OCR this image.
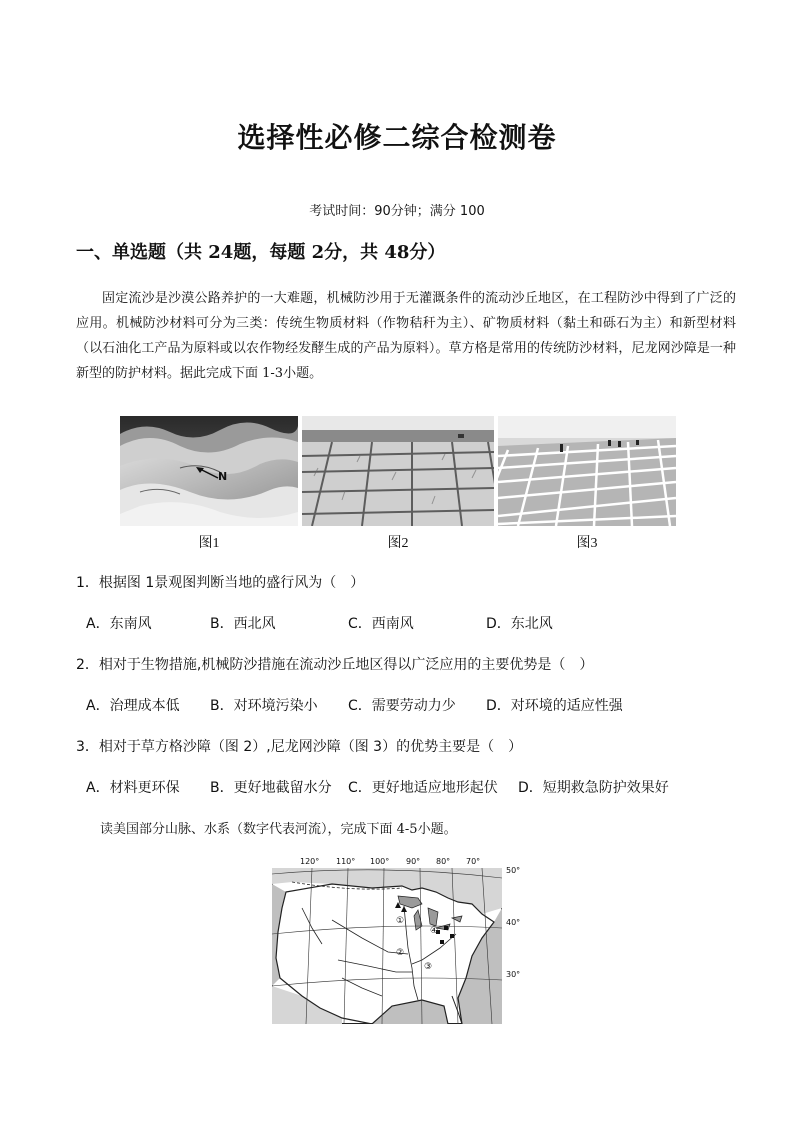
选择性必修二综合检测卷
考试时间：90分钟；满分 100
一、单选题（共 24题，每题 2分，共 48分）
固定流沙是沙漠公路养护的一大难题，机械防沙用于无灌溉条件的流动沙丘地区，在工程防沙中得到了广泛的应用。机械防沙材料可分为三类：传统生物质材料（作物秸秆为主）、矿物质材料（黏土和砾石为主）和新型材料（以石油化工产品为原料或以农作物经发酵生成的产品为原料）。草方格是常用的传统防沙材料，尼龙网沙障是一种新型的防护材料。据此完成下面 1-3小题。
N
图1	图2	图3
1．根据图 1景观图判断当地的盛行风为（　）
A．东南风	B．西北风	C．西南风	D．东北风
2．相对于生物措施,机械防沙措施在流动沙丘地区得以广泛应用的主要优势是（　）
A．治理成本低 B．对环境污染小 C．需要劳动力少 D．对环境的适应性强
3．相对于草方格沙障（图 2）,尼龙网沙障（图 3）的优势主要是（　）
A．材料更环保 B．更好地截留水分 C．更好地适应地形起伏 D．短期救急防护效果好
读美国部分山脉、水系（数字代表河流），完成下面 4-5小题。
120° 110° 100° 90° 80° 70°
50°
40°
30°
①
②
③
④
